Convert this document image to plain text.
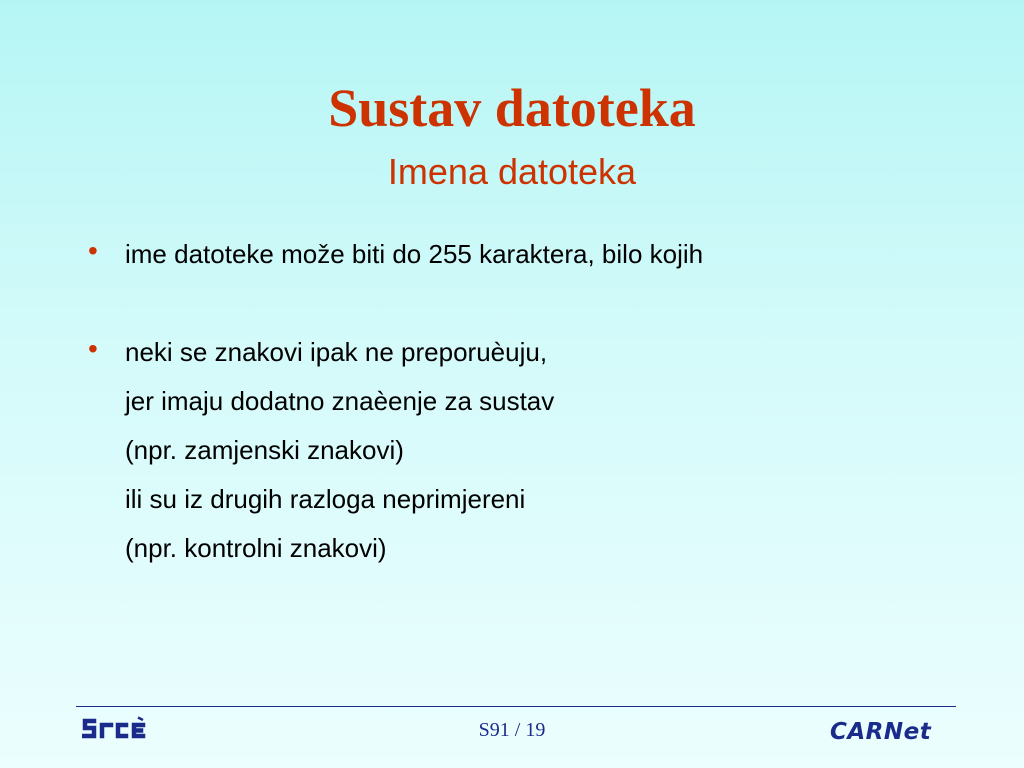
Sustav datoteka
Imena datoteka
•	ime datoteke može biti do 255 karaktera, bilo kojih
•	neki se znakovi ipak ne preporuèuju,
jer imaju dodatno znaèenje za sustav
(npr. zamjenski znakovi)
ili su iz drugih razloga neprimjereni
(npr. kontrolni znakovi)
S91 / 19	CARNet
